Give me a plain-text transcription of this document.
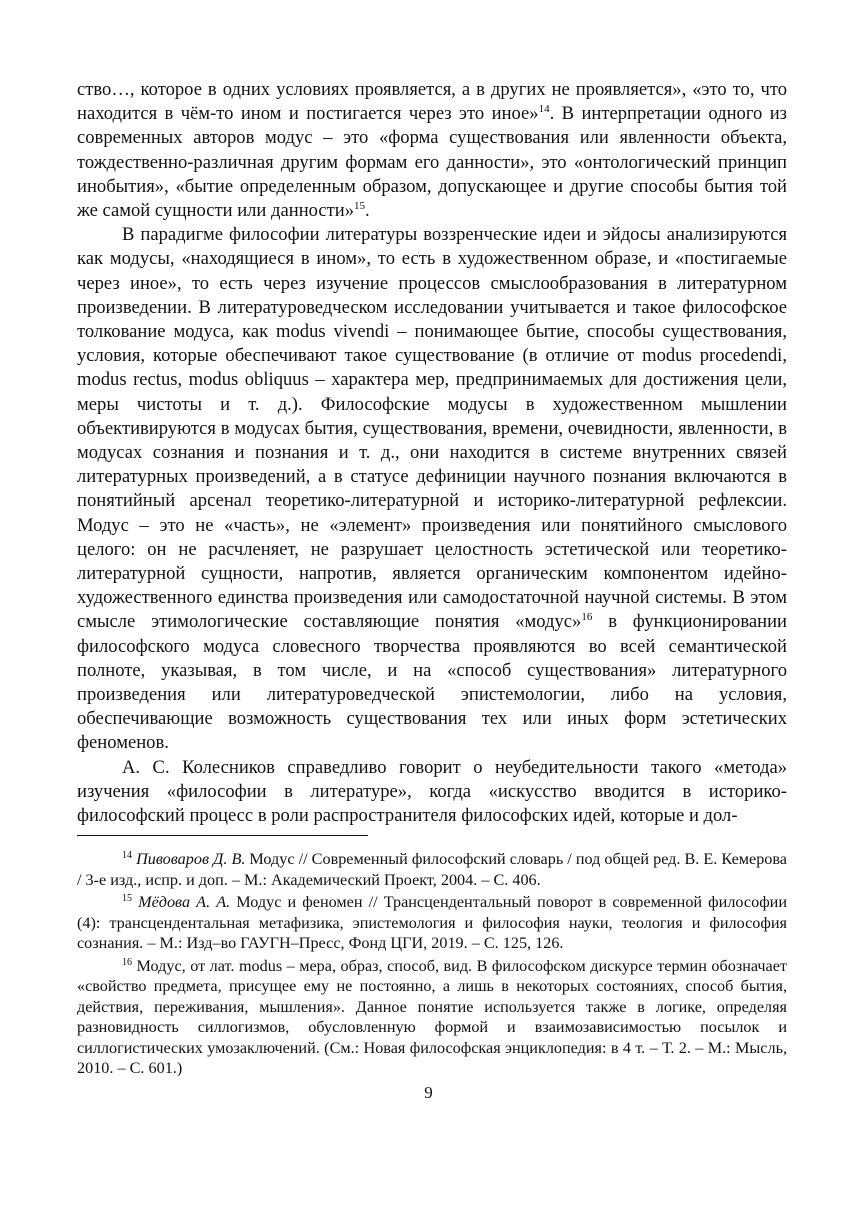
ство…, которое в одних условиях проявляется, а в других не проявляется», «это то, что находится в чём-то ином и постигается через это иное»$^{14}$. В интерпретации одного из современных авторов модус – это «форма существования или явленности объекта, тождественно-различная другим формам его данности», это «онтологический принцип инобытия», «бытие определенным образом, допускающее и другие способы бытия той же самой сущности или данности»$^{15}$.

В парадигме философии литературы воззренческие идеи и эйдосы анализируются как модусы, «находящиеся в ином», то есть в художественном образе, и «постигаемые через иное», то есть через изучение процессов смыслообразования в литературном произведении. В литературоведческом исследовании учитывается и такое философское толкование модуса, как modus vivendi – понимающее бытие, способы существования, условия, которые обеспечивают такое существование (в отличие от modus procedendi, modus rectus, modus obliquus – характера мер, предпринимаемых для достижения цели, меры чистоты и т. д.). Философские модусы в художественном мышлении объективируются в модусах бытия, существования, времени, очевидности, явленности, в модусах сознания и познания и т. д., они находится в системе внутренних связей литературных произведений, а в статусе дефиниции научного познания включаются в понятийный арсенал теоретико-литературной и историко-литературной рефлексии. Модус – это не «часть», не «элемент» произведения или понятийного смыслового целого: он не расчленяет, не разрушает целостность эстетической или теоретико-литературной сущности, напротив, является органическим компонентом идейно-художественного единства произведения или самодостаточной научной системы. В этом смысле этимологические составляющие понятия «модус»$^{16}$ в функционировании философского модуса словесного творчества проявляются во всей семантической полноте, указывая, в том числе, и на «способ существования» литературного произведения или литературоведческой эпистемологии, либо на условия, обеспечивающие возможность существования тех или иных форм эстетических феноменов.

А. С. Колесников справедливо говорит о неубедительности такого «метода» изучения «философии в литературе», когда «искусство вводится в историко-философский процесс в роли распространителя философских идей, которые и дол-

$^{14}$ Пивоваров Д. В. Модус // Современный философский словарь / под общей ред. В. Е. Кемерова / 3-е изд., испр. и доп. – М.: Академический Проект, 2004. – С. 406.

$^{15}$ Мёдова А. А. Модус и феномен // Трансцендентальный поворот в современной философии (4): трансцендентальная метафизика, эпистемология и философия науки, теология и философия сознания. – М.: Изд–во ГАУГН–Пресс, Фонд ЦГИ, 2019. – С. 125, 126.

$^{16}$ Модус, от лат. modus – мера, образ, способ, вид. В философском дискурсе термин обозначает «свойство предмета, присущее ему не постоянно, а лишь в некоторых состояниях, способ бытия, действия, переживания, мышления». Данное понятие используется также в логике, определяя разновидность силлогизмов, обусловленную формой и взаимозависимостью посылок и силлогистических умозаключений. (См.: Новая философская энциклопедия: в 4 т. – Т. 2. – М.: Мысль, 2010. – С. 601.)

9
